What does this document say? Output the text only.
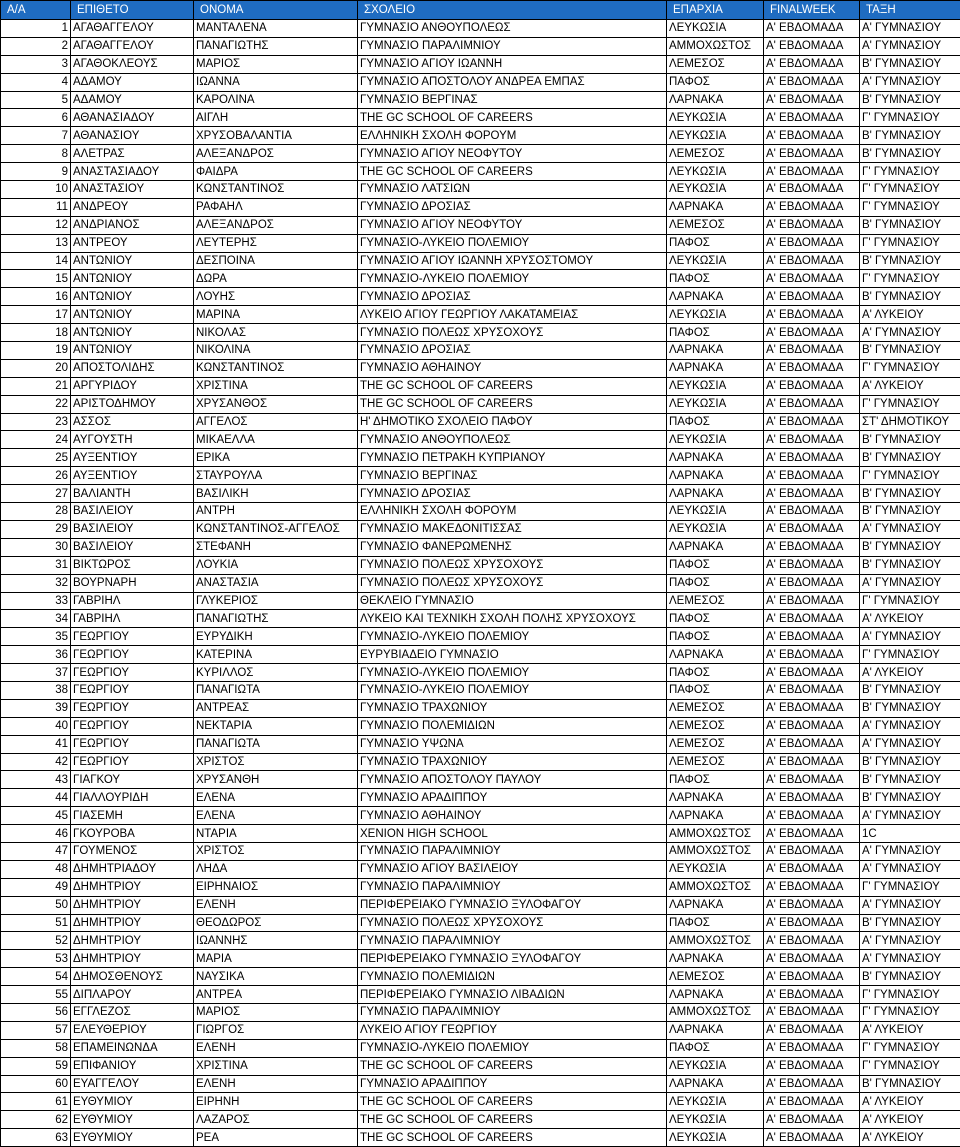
Α/Α	ΕΠΙΘΕΤΟ	ΟΝΟΜΑ	ΣΧΟΛΕΙΟ	ΕΠΑΡΧΙΑ	FINALWEEK	ΤΑΞΗ
1	ΑΓΑΘΑΓΓΕΛΟΥ	ΜΑΝΤΑΛΕΝΑ	ΓΥΜΝΑΣΙΟ ΑΝΘΟΥΠΟΛΕΩΣ	ΛΕΥΚΩΣΙΑ	Α' ΕΒΔΟΜΑΔΑ	Α' ΓΥΜΝΑΣΙΟΥ
2	ΑΓΑΘΑΓΓΕΛΟΥ	ΠΑΝΑΓΙΩΤΗΣ	ΓΥΜΝΑΣΙΟ ΠΑΡΑΛΙΜΝΙΟΥ	ΑΜΜΟΧΩΣΤΟΣ	Α' ΕΒΔΟΜΑΔΑ	Α' ΓΥΜΝΑΣΙΟΥ
3	ΑΓΑΘΟΚΛΕΟΥΣ	ΜΑΡΙΟΣ	ΓΥΜΝΑΣΙΟ ΑΓΙΟΥ ΙΩΑΝΝΗ	ΛΕΜΕΣΟΣ	Α' ΕΒΔΟΜΑΔΑ	Β' ΓΥΜΝΑΣΙΟΥ
4	ΑΔΑΜΟΥ	ΙΩΑΝΝΑ	ΓΥΜΝΑΣΙΟ ΑΠΟΣΤΟΛΟΥ ΑΝΔΡΕΑ ΕΜΠΑΣ	ΠΑΦΟΣ	Α' ΕΒΔΟΜΑΔΑ	Α' ΓΥΜΝΑΣΙΟΥ
5	ΑΔΑΜΟΥ	ΚΑΡΟΛΙΝΑ	ΓΥΜΝΑΣΙΟ ΒΕΡΓΙΝΑΣ	ΛΑΡΝΑΚΑ	Α' ΕΒΔΟΜΑΔΑ	Β' ΓΥΜΝΑΣΙΟΥ
6	ΑΘΑΝΑΣΙΑΔΟΥ	ΑΙΓΛΗ	THE GC SCHOOL OF CAREERS	ΛΕΥΚΩΣΙΑ	Α' ΕΒΔΟΜΑΔΑ	Γ' ΓΥΜΝΑΣΙΟΥ
7	ΑΘΑΝΑΣΙΟΥ	ΧΡΥΣΟΒΑΛΑΝΤΙΑ	ΕΛΛΗΝΙΚΗ ΣΧΟΛΗ ΦΟΡΟΥΜ	ΛΕΥΚΩΣΙΑ	Α' ΕΒΔΟΜΑΔΑ	Β' ΓΥΜΝΑΣΙΟΥ
8	ΑΛΕΤΡΑΣ	ΑΛΕΞΑΝΔΡΟΣ	ΓΥΜΝΑΣΙΟ ΑΓΙΟΥ ΝΕΟΦΥΤΟΥ	ΛΕΜΕΣΟΣ	Α' ΕΒΔΟΜΑΔΑ	Β' ΓΥΜΝΑΣΙΟΥ
9	ΑΝΑΣΤΑΣΙΑΔΟΥ	ΦΑΙΔΡΑ	THE GC SCHOOL OF CAREERS	ΛΕΥΚΩΣΙΑ	Α' ΕΒΔΟΜΑΔΑ	Γ' ΓΥΜΝΑΣΙΟΥ
10	ΑΝΑΣΤΑΣΙΟΥ	ΚΩΝΣΤΑΝΤΙΝΟΣ	ΓΥΜΝΑΣΙΟ ΛΑΤΣΙΩΝ	ΛΕΥΚΩΣΙΑ	Α' ΕΒΔΟΜΑΔΑ	Γ' ΓΥΜΝΑΣΙΟΥ
11	ΑΝΔΡΕΟΥ	ΡΑΦΑΗΛ	ΓΥΜΝΑΣΙΟ ΔΡΟΣΙΑΣ	ΛΑΡΝΑΚΑ	Α' ΕΒΔΟΜΑΔΑ	Γ' ΓΥΜΝΑΣΙΟΥ
12	ΑΝΔΡΙΑΝΟΣ	ΑΛΕΞΑΝΔΡΟΣ	ΓΥΜΝΑΣΙΟ ΑΓΙΟΥ ΝΕΟΦΥΤΟΥ	ΛΕΜΕΣΟΣ	Α' ΕΒΔΟΜΑΔΑ	Β' ΓΥΜΝΑΣΙΟΥ
13	ΑΝΤΡΕΟΥ	ΛΕΥΤΕΡΗΣ	ΓΥΜΝΑΣΙΟ-ΛΥΚΕΙΟ ΠΟΛΕΜΙΟΥ	ΠΑΦΟΣ	Α' ΕΒΔΟΜΑΔΑ	Γ' ΓΥΜΝΑΣΙΟΥ
14	ΑΝΤΩΝΙΟΥ	ΔΕΣΠΟΙΝΑ	ΓΥΜΝΑΣΙΟ ΑΓΙΟΥ ΙΩΑΝΝΗ ΧΡΥΣΟΣΤΟΜΟΥ	ΛΕΥΚΩΣΙΑ	Α' ΕΒΔΟΜΑΔΑ	Β' ΓΥΜΝΑΣΙΟΥ
15	ΑΝΤΩΝΙΟΥ	ΔΩΡΑ	ΓΥΜΝΑΣΙΟ-ΛΥΚΕΙΟ ΠΟΛΕΜΙΟΥ	ΠΑΦΟΣ	Α' ΕΒΔΟΜΑΔΑ	Γ' ΓΥΜΝΑΣΙΟΥ
16	ΑΝΤΩΝΙΟΥ	ΛΟΥΗΣ	ΓΥΜΝΑΣΙΟ ΔΡΟΣΙΑΣ	ΛΑΡΝΑΚΑ	Α' ΕΒΔΟΜΑΔΑ	Β' ΓΥΜΝΑΣΙΟΥ
17	ΑΝΤΩΝΙΟΥ	ΜΑΡΙΝΑ	ΛΥΚΕΙΟ ΑΓΙΟΥ ΓΕΩΡΓΙΟΥ ΛΑΚΑΤΑΜΕΙΑΣ	ΛΕΥΚΩΣΙΑ	Α' ΕΒΔΟΜΑΔΑ	Α' ΛΥΚΕΙΟΥ
18	ΑΝΤΩΝΙΟΥ	ΝΙΚΟΛΑΣ	ΓΥΜΝΑΣΙΟ ΠΟΛΕΩΣ ΧΡΥΣΟΧΟΥΣ	ΠΑΦΟΣ	Α' ΕΒΔΟΜΑΔΑ	Α' ΓΥΜΝΑΣΙΟΥ
19	ΑΝΤΩΝΙΟΥ	ΝΙΚΟΛΙΝΑ	ΓΥΜΝΑΣΙΟ ΔΡΟΣΙΑΣ	ΛΑΡΝΑΚΑ	Α' ΕΒΔΟΜΑΔΑ	Β' ΓΥΜΝΑΣΙΟΥ
20	ΑΠΟΣΤΟΛΙΔΗΣ	ΚΩΝΣΤΑΝΤΙΝΟΣ	ΓΥΜΝΑΣΙΟ ΑΘΗΑΙΝΟΥ	ΛΑΡΝΑΚΑ	Α' ΕΒΔΟΜΑΔΑ	Γ' ΓΥΜΝΑΣΙΟΥ
21	ΑΡΓΥΡΙΔΟΥ	ΧΡΙΣΤΙΝΑ	THE GC SCHOOL OF CAREERS	ΛΕΥΚΩΣΙΑ	Α' ΕΒΔΟΜΑΔΑ	Α' ΛΥΚΕΙΟΥ
22	ΑΡΙΣΤΟΔΗΜΟΥ	ΧΡΥΣΑΝΘΟΣ	THE GC SCHOOL OF CAREERS	ΛΕΥΚΩΣΙΑ	Α' ΕΒΔΟΜΑΔΑ	Γ' ΓΥΜΝΑΣΙΟΥ
23	ΑΣΣΟΣ	ΑΓΓΕΛΟΣ	Η' ΔΗΜΟΤΙΚΟ ΣΧΟΛΕΙΟ ΠΑΦΟΥ	ΠΑΦΟΣ	Α' ΕΒΔΟΜΑΔΑ	ΣΤ' ΔΗΜΟΤΙΚΟΥ
24	ΑΥΓΟΥΣΤΗ	ΜΙΚΑΕΛΛΑ	ΓΥΜΝΑΣΙΟ ΑΝΘΟΥΠΟΛΕΩΣ	ΛΕΥΚΩΣΙΑ	Α' ΕΒΔΟΜΑΔΑ	Β' ΓΥΜΝΑΣΙΟΥ
25	ΑΥΞΕΝΤΙΟΥ	ΕΡΙΚΑ	ΓΥΜΝΑΣΙΟ ΠΕΤΡΑΚΗ ΚΥΠΡΙΑΝΟΥ	ΛΑΡΝΑΚΑ	Α' ΕΒΔΟΜΑΔΑ	Β' ΓΥΜΝΑΣΙΟΥ
26	ΑΥΞΕΝΤΙΟΥ	ΣΤΑΥΡΟΥΛΑ	ΓΥΜΝΑΣΙΟ ΒΕΡΓΙΝΑΣ	ΛΑΡΝΑΚΑ	Α' ΕΒΔΟΜΑΔΑ	Γ' ΓΥΜΝΑΣΙΟΥ
27	ΒΑΛΙΑΝΤΗ	ΒΑΣΙΛΙΚΗ	ΓΥΜΝΑΣΙΟ ΔΡΟΣΙΑΣ	ΛΑΡΝΑΚΑ	Α' ΕΒΔΟΜΑΔΑ	Β' ΓΥΜΝΑΣΙΟΥ
28	ΒΑΣΙΛΕΙΟΥ	ΑΝΤΡΗ	ΕΛΛΗΝΙΚΗ ΣΧΟΛΗ ΦΟΡΟΥΜ	ΛΕΥΚΩΣΙΑ	Α' ΕΒΔΟΜΑΔΑ	Β' ΓΥΜΝΑΣΙΟΥ
29	ΒΑΣΙΛΕΙΟΥ	ΚΩΝΣΤΑΝΤΙΝΟΣ-ΑΓΓΕΛΟΣ	ΓΥΜΝΑΣΙΟ ΜΑΚΕΔΟΝΙΤΙΣΣΑΣ	ΛΕΥΚΩΣΙΑ	Α' ΕΒΔΟΜΑΔΑ	Α' ΓΥΜΝΑΣΙΟΥ
30	ΒΑΣΙΛΕΙΟΥ	ΣΤΕΦΑΝΗ	ΓΥΜΝΑΣΙΟ ΦΑΝΕΡΩΜΕΝΗΣ	ΛΑΡΝΑΚΑ	Α' ΕΒΔΟΜΑΔΑ	Β' ΓΥΜΝΑΣΙΟΥ
31	ΒΙΚΤΩΡΟΣ	ΛΟΥΚΙΑ	ΓΥΜΝΑΣΙΟ ΠΟΛΕΩΣ ΧΡΥΣΟΧΟΥΣ	ΠΑΦΟΣ	Α' ΕΒΔΟΜΑΔΑ	Β' ΓΥΜΝΑΣΙΟΥ
32	ΒΟΥΡΝΑΡΗ	ΑΝΑΣΤΑΣΙΑ	ΓΥΜΝΑΣΙΟ ΠΟΛΕΩΣ ΧΡΥΣΟΧΟΥΣ	ΠΑΦΟΣ	Α' ΕΒΔΟΜΑΔΑ	Α' ΓΥΜΝΑΣΙΟΥ
33	ΓΑΒΡΙΗΛ	ΓΛΥΚΕΡΙΟΣ	ΘΕΚΛΕΙΟ ΓΥΜΝΑΣΙΟ	ΛΕΜΕΣΟΣ	Α' ΕΒΔΟΜΑΔΑ	Γ' ΓΥΜΝΑΣΙΟΥ
34	ΓΑΒΡΙΗΛ	ΠΑΝΑΓΙΩΤΗΣ	ΛΥΚΕΙΟ ΚΑΙ ΤΕΧΝΙΚΗ ΣΧΟΛΗ ΠΟΛΗΣ ΧΡΥΣΟΧΟΥΣ	ΠΑΦΟΣ	Α' ΕΒΔΟΜΑΔΑ	Α' ΛΥΚΕΙΟΥ
35	ΓΕΩΡΓΙΟΥ	ΕΥΡΥΔΙΚΗ	ΓΥΜΝΑΣΙΟ-ΛΥΚΕΙΟ ΠΟΛΕΜΙΟΥ	ΠΑΦΟΣ	Α' ΕΒΔΟΜΑΔΑ	Α' ΓΥΜΝΑΣΙΟΥ
36	ΓΕΩΡΓΙΟΥ	ΚΑΤΕΡΙΝΑ	ΕΥΡΥΒΙΑΔΕΙΟ ΓΥΜΝΑΣΙΟ	ΛΑΡΝΑΚΑ	Α' ΕΒΔΟΜΑΔΑ	Γ' ΓΥΜΝΑΣΙΟΥ
37	ΓΕΩΡΓΙΟΥ	ΚΥΡΙΛΛΟΣ	ΓΥΜΝΑΣΙΟ-ΛΥΚΕΙΟ ΠΟΛΕΜΙΟΥ	ΠΑΦΟΣ	Α' ΕΒΔΟΜΑΔΑ	Α' ΛΥΚΕΙΟΥ
38	ΓΕΩΡΓΙΟΥ	ΠΑΝΑΓΙΩΤΑ	ΓΥΜΝΑΣΙΟ-ΛΥΚΕΙΟ ΠΟΛΕΜΙΟΥ	ΠΑΦΟΣ	Α' ΕΒΔΟΜΑΔΑ	Β' ΓΥΜΝΑΣΙΟΥ
39	ΓΕΩΡΓΙΟΥ	ΑΝΤΡΕΑΣ	ΓΥΜΝΑΣΙΟ ΤΡΑΧΩΝΙΟΥ	ΛΕΜΕΣΟΣ	Α' ΕΒΔΟΜΑΔΑ	Β' ΓΥΜΝΑΣΙΟΥ
40	ΓΕΩΡΓΙΟΥ	ΝΕΚΤΑΡΙΑ	ΓΥΜΝΑΣΙΟ ΠΟΛΕΜΙΔΙΩΝ	ΛΕΜΕΣΟΣ	Α' ΕΒΔΟΜΑΔΑ	Α' ΓΥΜΝΑΣΙΟΥ
41	ΓΕΩΡΓΙΟΥ	ΠΑΝΑΓΙΩΤΑ	ΓΥΜΝΑΣΙΟ ΥΨΩΝΑ	ΛΕΜΕΣΟΣ	Α' ΕΒΔΟΜΑΔΑ	Α' ΓΥΜΝΑΣΙΟΥ
42	ΓΕΩΡΓΙΟΥ	ΧΡΙΣΤΟΣ	ΓΥΜΝΑΣΙΟ ΤΡΑΧΩΝΙΟΥ	ΛΕΜΕΣΟΣ	Α' ΕΒΔΟΜΑΔΑ	Β' ΓΥΜΝΑΣΙΟΥ
43	ΓΙΑΓΚΟΥ	ΧΡΥΣΑΝΘΗ	ΓΥΜΝΑΣΙΟ ΑΠΟΣΤΟΛΟΥ ΠΑΥΛΟΥ	ΠΑΦΟΣ	Α' ΕΒΔΟΜΑΔΑ	Β' ΓΥΜΝΑΣΙΟΥ
44	ΓΙΑΛΛΟΥΡΙΔΗ	ΕΛΕΝΑ	ΓΥΜΝΑΣΙΟ ΑΡΑΔΙΠΠΟΥ	ΛΑΡΝΑΚΑ	Α' ΕΒΔΟΜΑΔΑ	Β' ΓΥΜΝΑΣΙΟΥ
45	ΓΙΑΣΕΜΗ	ΕΛΕΝΑ	ΓΥΜΝΑΣΙΟ ΑΘΗΑΙΝΟΥ	ΛΑΡΝΑΚΑ	Α' ΕΒΔΟΜΑΔΑ	Α' ΓΥΜΝΑΣΙΟΥ
46	ΓΚΟΥΡΟΒΑ	ΝΤΑΡΙΑ	XENION HIGH SCHOOL	ΑΜΜΟΧΩΣΤΟΣ	Α' ΕΒΔΟΜΑΔΑ	1C
47	ΓΟΥΜΕΝΟΣ	ΧΡΙΣΤΟΣ	ΓΥΜΝΑΣΙΟ ΠΑΡΑΛΙΜΝΙΟΥ	ΑΜΜΟΧΩΣΤΟΣ	Α' ΕΒΔΟΜΑΔΑ	Α' ΓΥΜΝΑΣΙΟΥ
48	ΔΗΜΗΤΡΙΑΔΟΥ	ΛΗΔΑ	ΓΥΜΝΑΣΙΟ ΑΓΙΟΥ ΒΑΣΙΛΕΙΟΥ	ΛΕΥΚΩΣΙΑ	Α' ΕΒΔΟΜΑΔΑ	Α' ΓΥΜΝΑΣΙΟΥ
49	ΔΗΜΗΤΡΙΟΥ	ΕΙΡΗΝΑΙΟΣ	ΓΥΜΝΑΣΙΟ ΠΑΡΑΛΙΜΝΙΟΥ	ΑΜΜΟΧΩΣΤΟΣ	Α' ΕΒΔΟΜΑΔΑ	Γ' ΓΥΜΝΑΣΙΟΥ
50	ΔΗΜΗΤΡΙΟΥ	ΕΛΕΝΗ	ΠΕΡΙΦΕΡΕΙΑΚΟ ΓΥΜΝΑΣΙΟ ΞΥΛΟΦΑΓΟΥ	ΛΑΡΝΑΚΑ	Α' ΕΒΔΟΜΑΔΑ	Α' ΓΥΜΝΑΣΙΟΥ
51	ΔΗΜΗΤΡΙΟΥ	ΘΕΟΔΩΡΟΣ	ΓΥΜΝΑΣΙΟ ΠΟΛΕΩΣ ΧΡΥΣΟΧΟΥΣ	ΠΑΦΟΣ	Α' ΕΒΔΟΜΑΔΑ	Β' ΓΥΜΝΑΣΙΟΥ
52	ΔΗΜΗΤΡΙΟΥ	ΙΩΑΝΝΗΣ	ΓΥΜΝΑΣΙΟ ΠΑΡΑΛΙΜΝΙΟΥ	ΑΜΜΟΧΩΣΤΟΣ	Α' ΕΒΔΟΜΑΔΑ	Α' ΓΥΜΝΑΣΙΟΥ
53	ΔΗΜΗΤΡΙΟΥ	ΜΑΡΙΑ	ΠΕΡΙΦΕΡΕΙΑΚΟ ΓΥΜΝΑΣΙΟ ΞΥΛΟΦΑΓΟΥ	ΛΑΡΝΑΚΑ	Α' ΕΒΔΟΜΑΔΑ	Α' ΓΥΜΝΑΣΙΟΥ
54	ΔΗΜΟΣΘΕΝΟΥΣ	ΝΑΥΣΙΚΑ	ΓΥΜΝΑΣΙΟ ΠΟΛΕΜΙΔΙΩΝ	ΛΕΜΕΣΟΣ	Α' ΕΒΔΟΜΑΔΑ	Β' ΓΥΜΝΑΣΙΟΥ
55	ΔΙΠΛΑΡΟΥ	ΑΝΤΡΕΑ	ΠΕΡΙΦΕΡΕΙΑΚΟ ΓΥΜΝΑΣΙΟ ΛΙΒΑΔΙΩΝ	ΛΑΡΝΑΚΑ	Α' ΕΒΔΟΜΑΔΑ	Γ' ΓΥΜΝΑΣΙΟΥ
56	ΕΓΓΛΕΖΟΣ	ΜΑΡΙΟΣ	ΓΥΜΝΑΣΙΟ ΠΑΡΑΛΙΜΝΙΟΥ	ΑΜΜΟΧΩΣΤΟΣ	Α' ΕΒΔΟΜΑΔΑ	Γ' ΓΥΜΝΑΣΙΟΥ
57	ΕΛΕΥΘΕΡΙΟΥ	ΓΙΩΡΓΟΣ	ΛΥΚΕΙΟ ΑΓΙΟΥ ΓΕΩΡΓΙΟΥ	ΛΑΡΝΑΚΑ	Α' ΕΒΔΟΜΑΔΑ	Α' ΛΥΚΕΙΟΥ
58	ΕΠΑΜΕΙΝΩΝΔΑ	ΕΛΕΝΗ	ΓΥΜΝΑΣΙΟ-ΛΥΚΕΙΟ ΠΟΛΕΜΙΟΥ	ΠΑΦΟΣ	Α' ΕΒΔΟΜΑΔΑ	Γ' ΓΥΜΝΑΣΙΟΥ
59	ΕΠΙΦΑΝΙΟΥ	ΧΡΙΣΤΙΝΑ	THE GC SCHOOL OF CAREERS	ΛΕΥΚΩΣΙΑ	Α' ΕΒΔΟΜΑΔΑ	Γ' ΓΥΜΝΑΣΙΟΥ
60	ΕΥΑΓΓΕΛΟΥ	ΕΛΕΝΗ	ΓΥΜΝΑΣΙΟ ΑΡΑΔΙΠΠΟΥ	ΛΑΡΝΑΚΑ	Α' ΕΒΔΟΜΑΔΑ	Β' ΓΥΜΝΑΣΙΟΥ
61	ΕΥΘΥΜΙΟΥ	ΕΙΡΗΝΗ	THE GC SCHOOL OF CAREERS	ΛΕΥΚΩΣΙΑ	Α' ΕΒΔΟΜΑΔΑ	Α' ΛΥΚΕΙΟΥ
62	ΕΥΘΥΜΙΟΥ	ΛΑΖΑΡΟΣ	THE GC SCHOOL OF CAREERS	ΛΕΥΚΩΣΙΑ	Α' ΕΒΔΟΜΑΔΑ	Α' ΛΥΚΕΙΟΥ
63	ΕΥΘΥΜΙΟΥ	ΡΕΑ	THE GC SCHOOL OF CAREERS	ΛΕΥΚΩΣΙΑ	Α' ΕΒΔΟΜΑΔΑ	Α' ΛΥΚΕΙΟΥ
